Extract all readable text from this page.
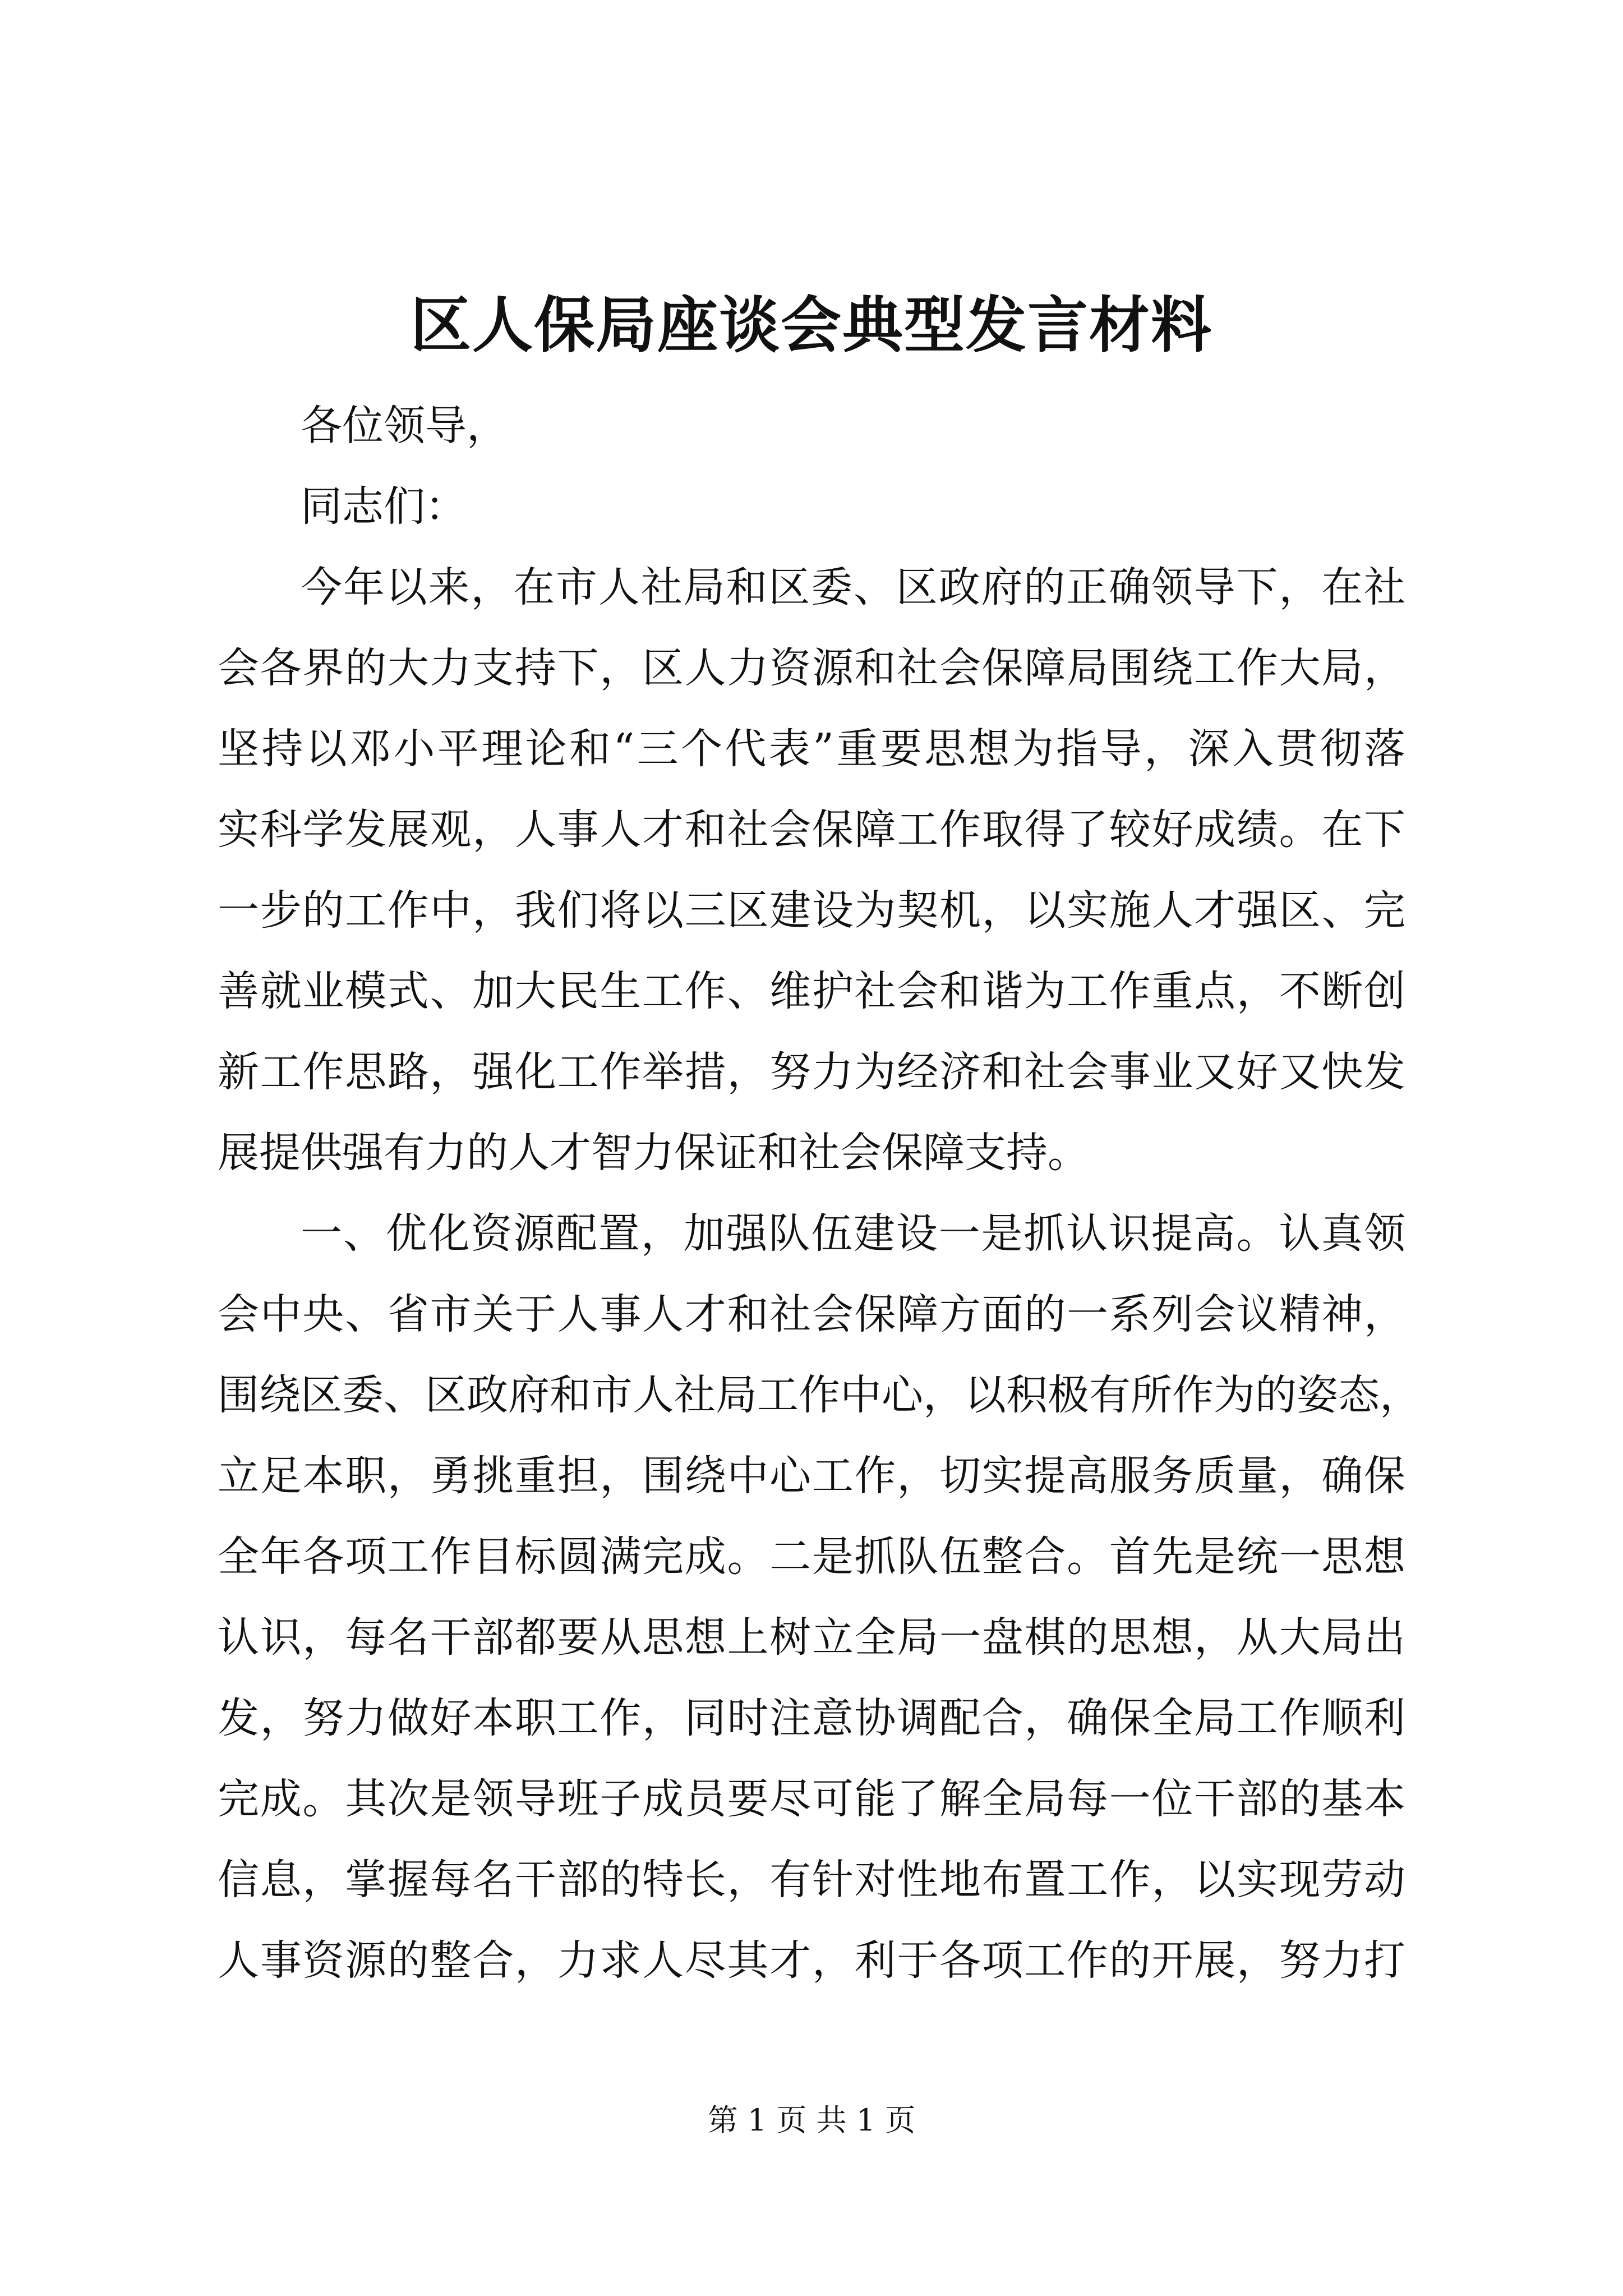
区人保局座谈会典型发言材料
各位领导，
同志们：
今年以来，在市人社局和区委、区政府的正确领导下，在社
会各界的大力支持下，区人力资源和社会保障局围绕工作大局，
坚持以邓小平理论和“三个代表”重要思想为指导，深入贯彻落
实科学发展观，人事人才和社会保障工作取得了较好成绩。在下
一步的工作中，我们将以三区建设为契机，以实施人才强区、完
善就业模式、加大民生工作、维护社会和谐为工作重点，不断创
新工作思路，强化工作举措，努力为经济和社会事业又好又快发
展提供强有力的人才智力保证和社会保障支持。
一、优化资源配置，加强队伍建设一是抓认识提高。认真领
会中央、省市关于人事人才和社会保障方面的一系列会议精神，
围绕区委、区政府和市人社局工作中心，以积极有所作为的姿态，
立足本职，勇挑重担，围绕中心工作，切实提高服务质量，确保
全年各项工作目标圆满完成。二是抓队伍整合。首先是统一思想
认识，每名干部都要从思想上树立全局一盘棋的思想，从大局出
发，努力做好本职工作，同时注意协调配合，确保全局工作顺利
完成。其次是领导班子成员要尽可能了解全局每一位干部的基本
信息，掌握每名干部的特长，有针对性地布置工作，以实现劳动
人事资源的整合，力求人尽其才，利于各项工作的开展，努力打
第 1 页 共 1 页
